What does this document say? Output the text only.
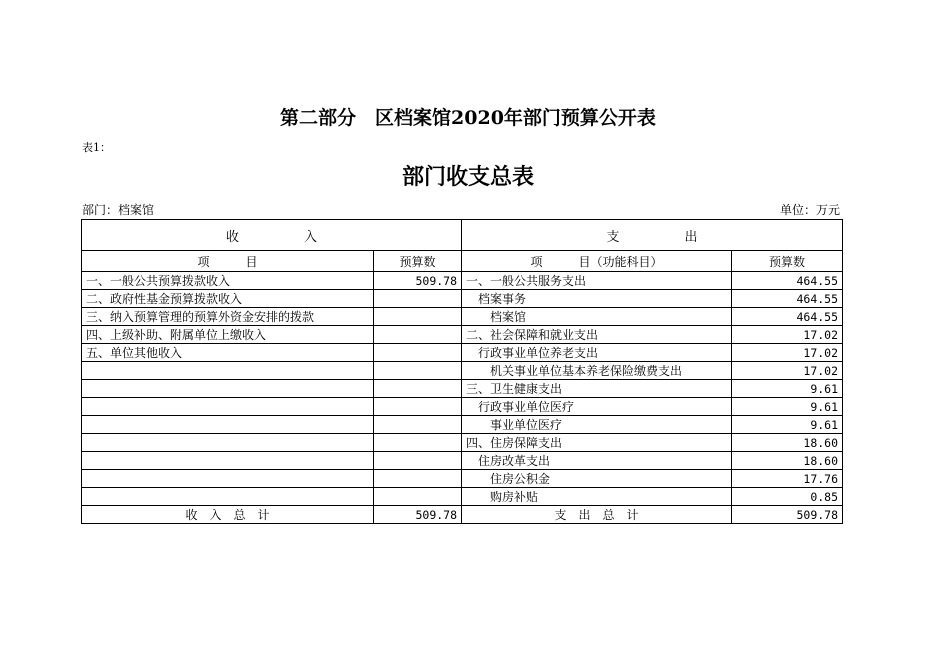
第二部分　区档案馆2020年部门预算公开表
表1：
部门收支总表
部门：档案馆	单位：万元
收　　　　　入		支　　　　　出	
项　　　目	预算数	项　　　目（功能科目）	预算数
一、一般公共预算拨款收入	509.78	一、一般公共服务支出	464.55
二、政府性基金预算拨款收入		档案事务	464.55
三、纳入预算管理的预算外资金安排的拨款		档案馆	464.55
四、上级补助、附属单位上缴收入		二、社会保障和就业支出	17.02
五、单位其他收入		行政事业单位养老支出	17.02
		机关事业单位基本养老保险缴费支出	17.02
		三、卫生健康支出	9.61
		行政事业单位医疗	9.61
		事业单位医疗	9.61
		四、住房保障支出	18.60
		住房改革支出	18.60
		住房公积金	17.76
		购房补贴	0.85
收　入　总　计	509.78	支　出　总　计	509.78
